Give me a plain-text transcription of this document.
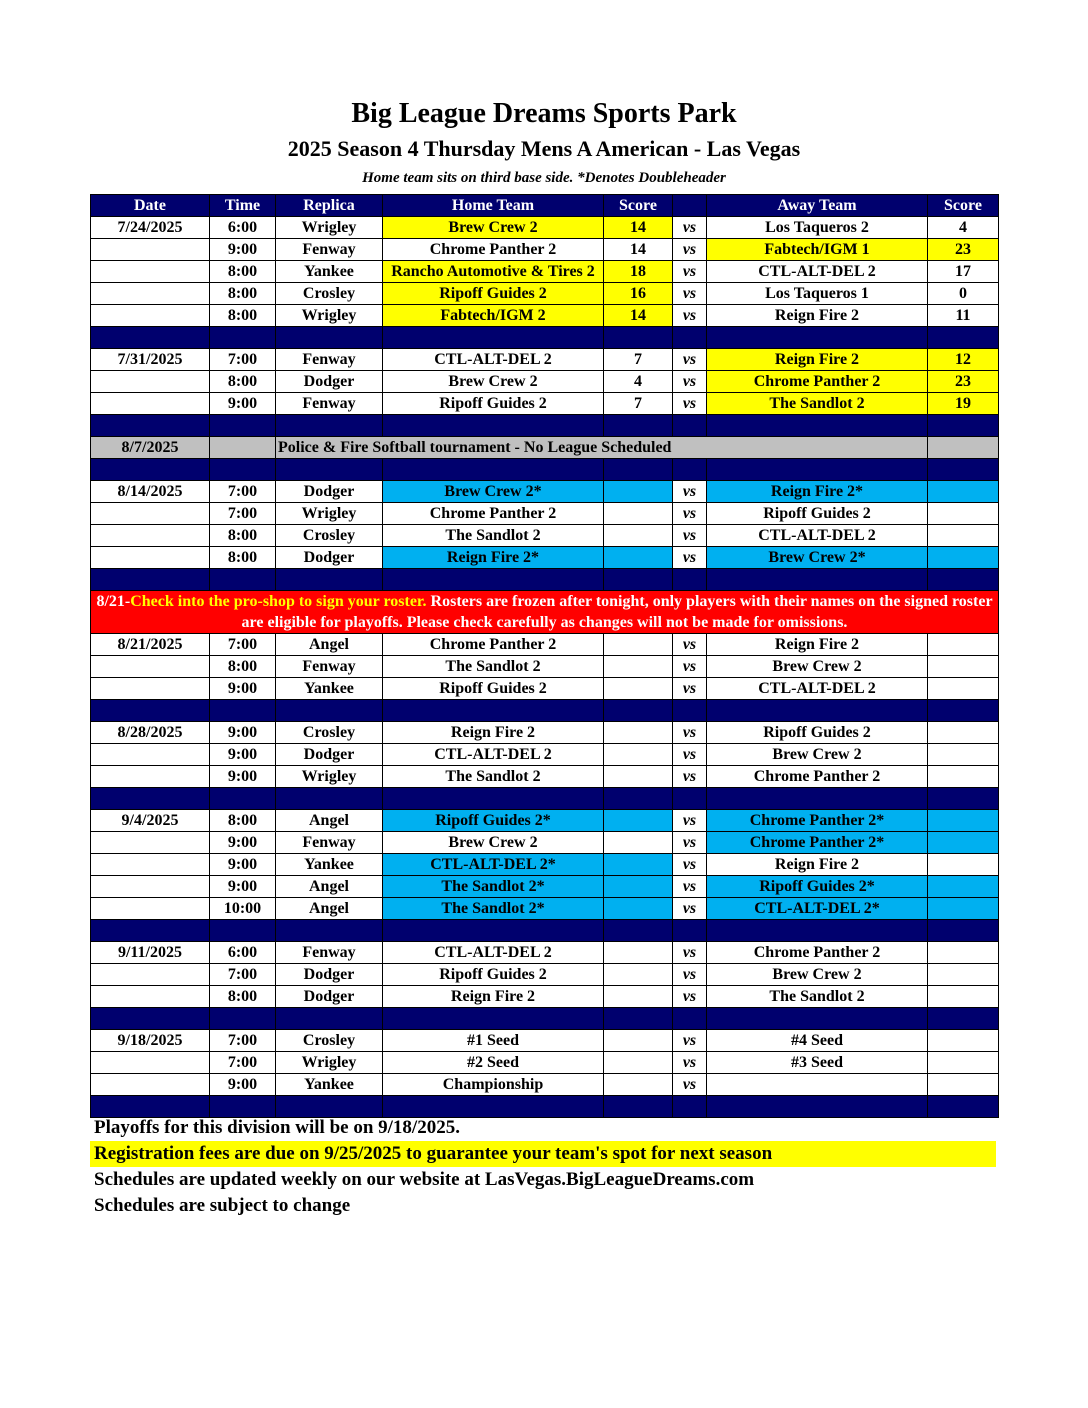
Big League Dreams Sports Park
2025 Season 4 Thursday Mens A American - Las Vegas
Home team sits on third base side. *Denotes Doubleheader
Date	Time	Replica	Home Team	Score		Away Team	Score
7/24/2025	6:00	Wrigley	Brew Crew 2	14	vs	Los Taqueros 2	4
	9:00	Fenway	Chrome Panther 2	14	vs	Fabtech/IGM 1	23
	8:00	Yankee	Rancho Automotive & Tires 2	18	vs	CTL-ALT-DEL 2	17
	8:00	Crosley	Ripoff Guides 2	16	vs	Los Taqueros 1	0
	8:00	Wrigley	Fabtech/IGM 2	14	vs	Reign Fire 2	11

7/31/2025	7:00	Fenway	CTL-ALT-DEL 2	7	vs	Reign Fire 2	12
	8:00	Dodger	Brew Crew 2	4	vs	Chrome Panther 2	23
	9:00	Fenway	Ripoff Guides 2	7	vs	The Sandlot 2	19

8/7/2025		Police & Fire Softball tournament - No League Scheduled					

8/14/2025	7:00	Dodger	Brew Crew 2*		vs	Reign Fire 2*	
	7:00	Wrigley	Chrome Panther 2		vs	Ripoff Guides 2	
	8:00	Crosley	The Sandlot 2		vs	CTL-ALT-DEL 2	
	8:00	Dodger	Reign Fire 2*		vs	Brew Crew 2*	

8/21-Check into the pro-shop to sign your roster. Rosters are frozen after tonight, only players with their names on the signed roster are eligible for playoffs. Please check carefully as changes will not be made for omissions.							
8/21/2025	7:00	Angel	Chrome Panther 2		vs	Reign Fire 2	
	8:00	Fenway	The Sandlot 2		vs	Brew Crew 2	
	9:00	Yankee	Ripoff Guides 2		vs	CTL-ALT-DEL 2	

8/28/2025	9:00	Crosley	Reign Fire 2		vs	Ripoff Guides 2	
	9:00	Dodger	CTL-ALT-DEL 2		vs	Brew Crew 2	
	9:00	Wrigley	The Sandlot 2		vs	Chrome Panther 2	

9/4/2025	8:00	Angel	Ripoff Guides 2*		vs	Chrome Panther 2*	
	9:00	Fenway	Brew Crew 2		vs	Chrome Panther 2*	
	9:00	Yankee	CTL-ALT-DEL 2*		vs	Reign Fire 2	
	9:00	Angel	The Sandlot 2*		vs	Ripoff Guides 2*	
	10:00	Angel	The Sandlot 2*		vs	CTL-ALT-DEL 2*	

9/11/2025	6:00	Fenway	CTL-ALT-DEL 2		vs	Chrome Panther 2	
	7:00	Dodger	Ripoff Guides 2		vs	Brew Crew 2	
	8:00	Dodger	Reign Fire 2		vs	The Sandlot 2	

9/18/2025	7:00	Crosley	#1 Seed		vs	#4 Seed	
	7:00	Wrigley	#2 Seed		vs	#3 Seed	
	9:00	Yankee	Championship		vs		

Playoffs for this division will be on 9/18/2025.
Registration fees are due on 9/25/2025 to guarantee your team's spot for next season
Schedules are updated weekly on our website at LasVegas.BigLeagueDreams.com
Schedules are subject to change
